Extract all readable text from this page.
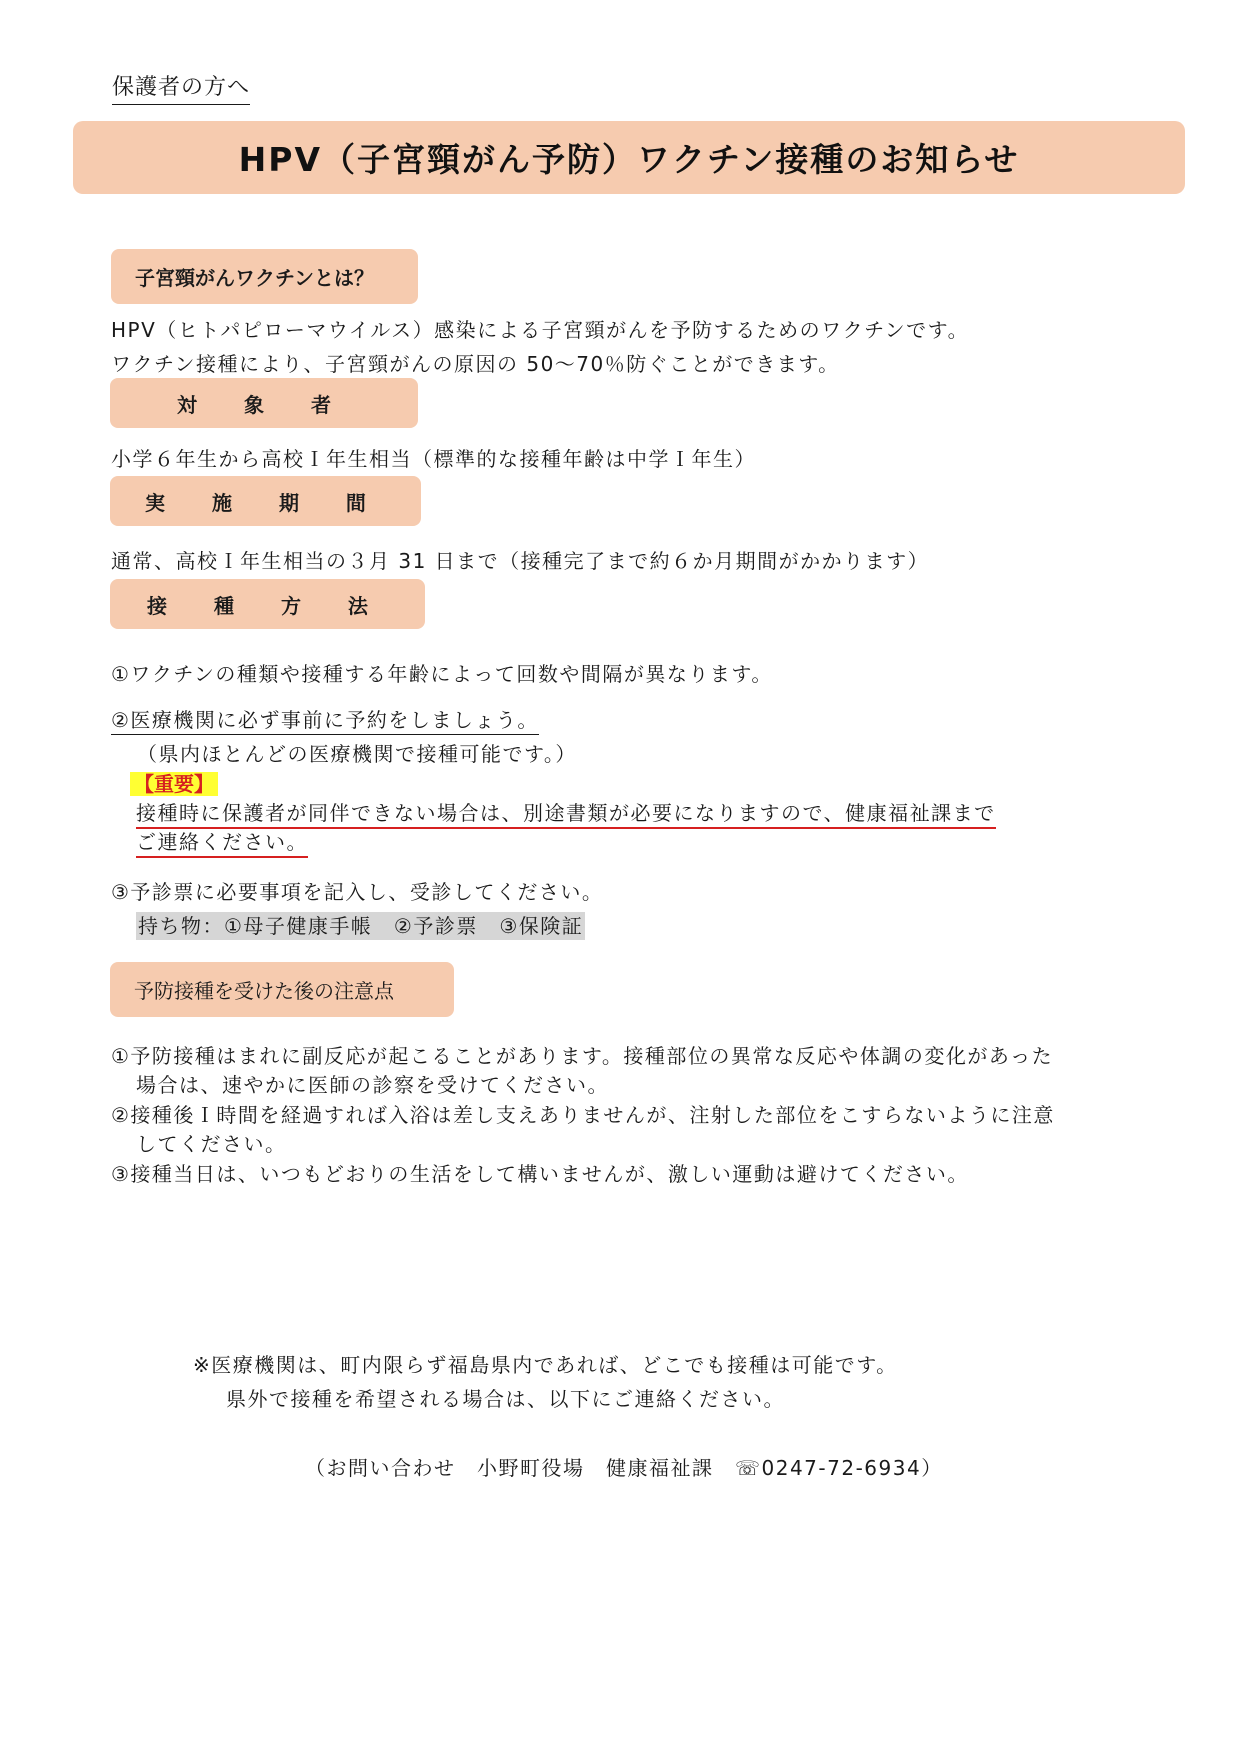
保護者の方へ
HPV（子宮頸がん予防）ワクチン接種のお知らせ
子宮頸がんワクチンとは？
HPV（ヒトパピローマウイルス）感染による子宮頸がんを予防するためのワクチンです。
ワクチン接種により、子宮頸がんの原因の 50～70％防ぐことができます。
対 象 者
小学６年生から高校Ｉ年生相当（標準的な接種年齢は中学Ｉ年生）
実 施 期 間
通常、高校Ｉ年生相当の３月 31 日まで（接種完了まで約６か月期間がかかります）
接 種 方 法
①ワクチンの種類や接種する年齢によって回数や間隔が異なります。
②医療機関に必ず事前に予約をしましょう。
（県内ほとんどの医療機関で接種可能です。）
【重要】
接種時に保護者が同伴できない場合は、別途書類が必要になりますので、健康福祉課まで
ご連絡ください。
③予診票に必要事項を記入し、受診してください。
持ち物：①母子健康手帳　②予診票　③保険証
予防接種を受けた後の注意点
①予防接種はまれに副反応が起こることがあります。接種部位の異常な反応や体調の変化があった
場合は、速やかに医師の診察を受けてください。
②接種後Ｉ時間を経過すれば入浴は差し支えありませんが、注射した部位をこすらないように注意
してください。
③接種当日は、いつもどおりの生活をして構いませんが、激しい運動は避けてください。
※医療機関は、町内限らず福島県内であれば、どこでも接種は可能です。
県外で接種を希望される場合は、以下にご連絡ください。
（お問い合わせ　小野町役場　健康福祉課　☏0247-72-6934）
